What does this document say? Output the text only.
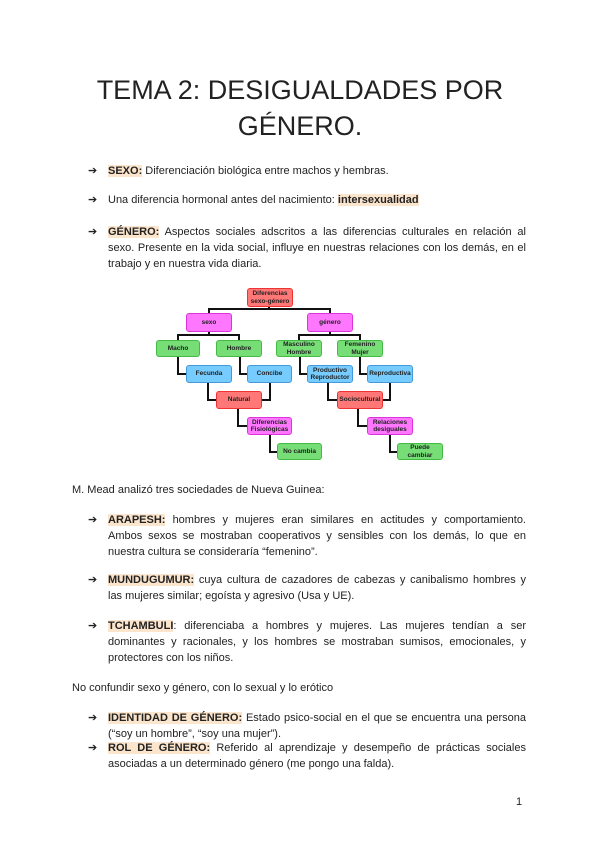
TEMA 2: DESIGUALDADES POR
GÉNERO.
➔ SEXO: Diferenciación biológica entre machos y hembras.
➔ Una diferencia hormonal antes del nacimiento: intersexualidad
➔ GÉNERO: Aspectos sociales adscritos a las diferencias culturales en relación al sexo. Presente en la vida social, influye en nuestras relaciones con los demás, en el trabajo y en nuestra vida diaria.
Diferencias sexo-género
sexo	género
Macho	Hombre
Masculino Hombre
Femenino Mujer
Fecunda	Concibe
Productivo Reproductor
Reproductiva
Natural	Sociocultural
Diferencias Fisiológicas
Relaciones desiguales
No cambia
Puede cambiar
M. Mead analizó tres sociedades de Nueva Guinea:
➔ ARAPESH: hombres y mujeres eran similares en actitudes y comportamiento. Ambos sexos se mostraban cooperativos y sensibles con los demás, lo que en nuestra cultura se consideraría “femenino”.
➔ MUNDUGUMUR: cuya cultura de cazadores de cabezas y canibalismo hombres y las mujeres similar; egoísta y agresivo (Usa y UE).
➔ TCHAMBULI: diferenciaba a hombres y mujeres. Las mujeres tendían a ser dominantes y racionales, y los hombres se mostraban sumisos, emocionales, y protectores con los niños.
No confundir sexo y género, con lo sexual y lo erótico
➔ IDENTIDAD DE GÉNERO: Estado psico-social en el que se encuentra una persona (“soy un hombre”, “soy una mujer”).
➔ ROL DE GÉNERO: Referido al aprendizaje y desempeño de prácticas sociales asociadas a un determinado género (me pongo una falda).
1
